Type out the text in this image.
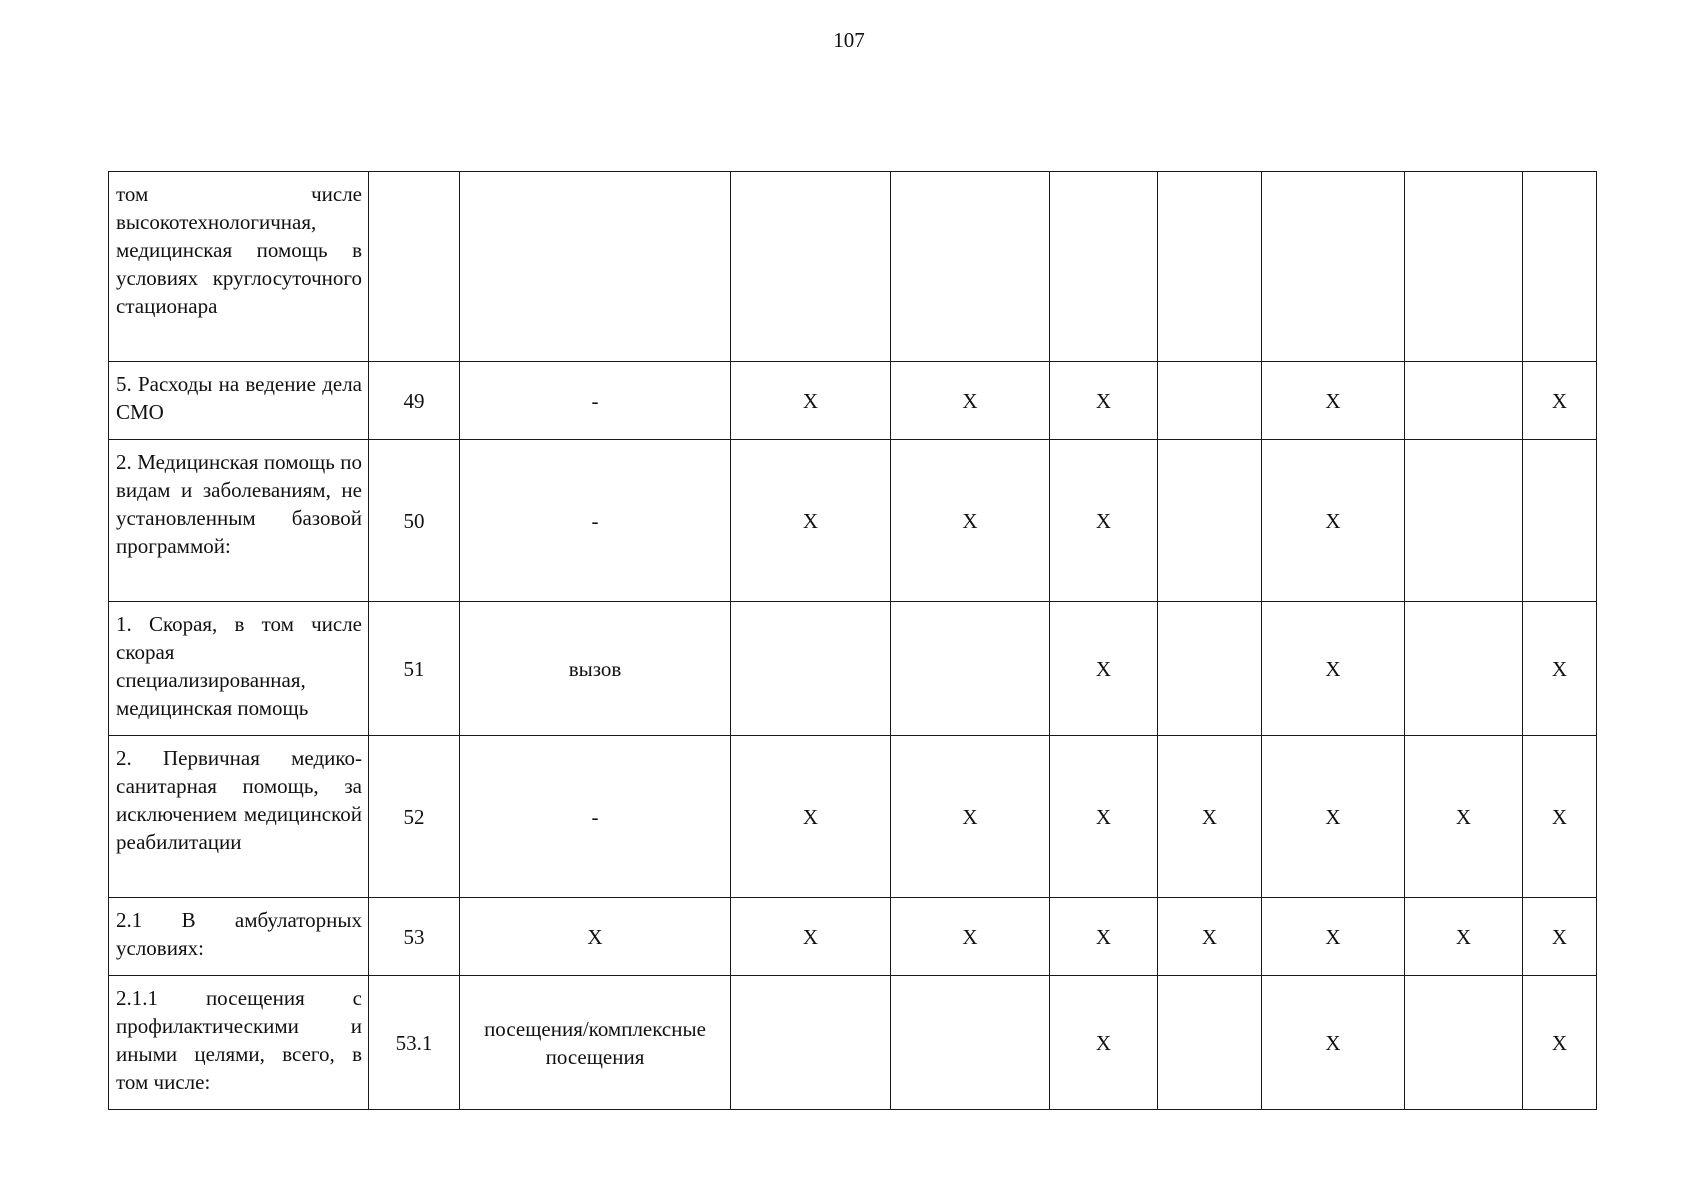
107
том числе высокотехнологичная, медицинская помощь в условиях круглосуточного стационара									

5. Расходы на ведение дела СМО	49	-	X	X	X		X		X

2. Медицинская помощь по видам и заболеваниям, не установленным базовой программой:	50	-	X	X	X		X		

1. Скорая, в том числе скорая специализированная, медицинская помощь	51	вызов			X		X		X

2. Первичная медико-санитарная помощь, за исключением медицинской реабилитации	52	-	X	X	X	X	X	X	X

2.1 В амбулаторных условиях:	53	X	X	X	X	X	X	X	X

2.1.1 посещения с профилактическими и иными целями, всего, в том числе:	53.1	посещения/комплексные посещения			X		X		X
